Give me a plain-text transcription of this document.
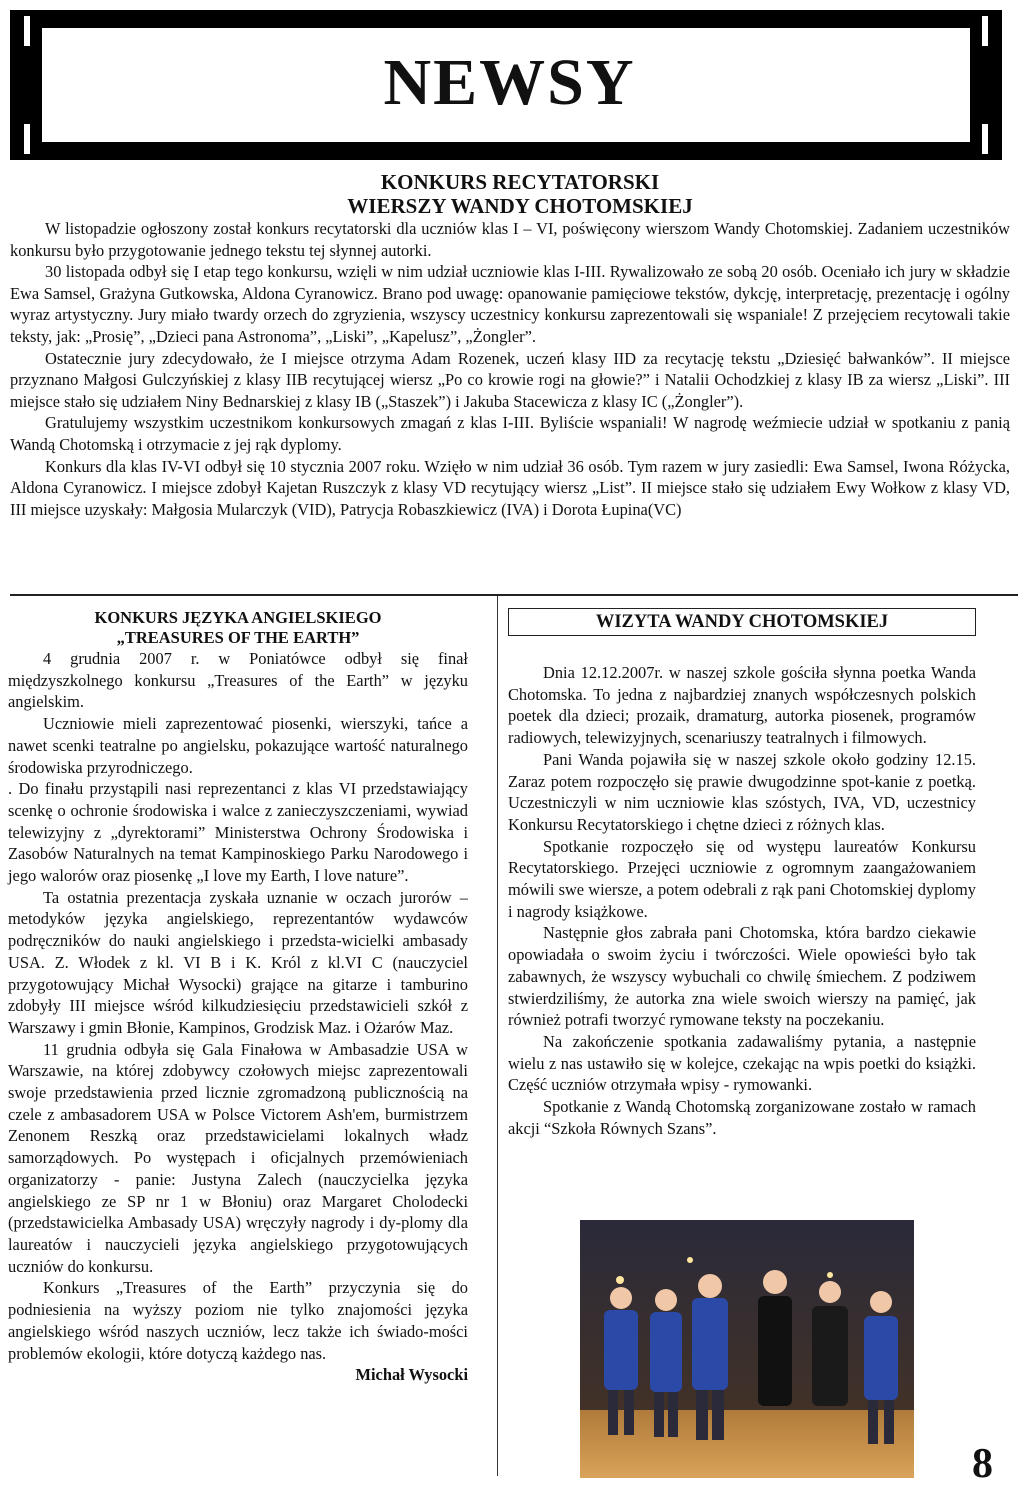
NEWSY
KONKURS RECYTATORSKI
WIERSZY WANDY CHOTOMSKIEJ

W listopadzie ogłoszony został konkurs recytatorski dla uczniów klas I – VI, poświęcony wierszom Wandy Chotomskiej. Zadaniem uczestników konkursu było przygotowanie jednego tekstu tej słynnej autorki.

30 listopada odbył się I etap tego konkursu, wzięli w nim udział uczniowie klas I-III. Rywalizowało ze sobą 20 osób. Oceniało ich jury w składzie Ewa Samsel, Grażyna Gutkowska, Aldona Cyranowicz. Brano pod uwagę: opanowanie pamięciowe tekstów, dykcję, interpretację, prezentację i ogólny wyraz artystyczny. Jury miało twardy orzech do zgryzienia, wszyscy uczestnicy konkursu zaprezentowali się wspaniale! Z przejęciem recytowali takie teksty, jak: „Prosię”, „Dzieci pana Astronoma”, „Liski”, „Kapelusz”, „Żongler”.

Ostatecznie jury zdecydowało, że I miejsce otrzyma Adam Rozenek, uczeń klasy IID za recytację tekstu „Dziesięć bałwanków”. II miejsce przyznano Małgosi Gulczyńskiej z klasy IIB recytującej wiersz „Po co krowie rogi na głowie?” i Natalii Ochodzkiej z klasy IB za wiersz „Liski”. III miejsce stało się udziałem Niny Bednarskiej z klasy IB („Staszek”) i Jakuba Stacewicza z klasy IC („Żongler”).

Gratulujemy wszystkim uczestnikom konkursowych zmagań z klas I-III. Byliście wspaniali! W nagrodę weźmiecie udział w spotkaniu z panią Wandą Chotomską i otrzymacie z jej rąk dyplomy.

Konkurs dla klas IV-VI odbył się 10 stycznia 2007 roku. Wzięło w nim udział 36 osób. Tym razem w jury zasiedli: Ewa Samsel, Iwona Różycka, Aldona Cyranowicz. I miejsce zdobył Kajetan Ruszczyk z klasy VD recytujący wiersz „List”. II miejsce stało się udziałem Ewy Wołkow z klasy VD, III miejsce uzyskały: Małgosia Mularczyk (VID), Patrycja Robaszkiewicz (IVA) i Dorota Łupina(VC)

KONKURS JĘZYKA ANGIELSKIEGO
„TREASURES OF THE EARTH”

4 grudnia 2007 r. w Poniatówce odbył się finał międzyszkolnego konkursu „Treasures of the Earth” w języku angielskim.

Uczniowie mieli zaprezentować piosenki, wierszyki, tańce a nawet scenki teatralne po angielsku, pokazujące wartość naturalnego środowiska przyrodniczego.

. Do finału przystąpili nasi reprezentanci z klas VI przedstawiający scenkę o ochronie środowiska i walce z zanieczyszczeniami, wywiad telewizyjny z „dyrektorami” Ministerstwa Ochrony Środowiska i Zasobów Naturalnych na temat Kampinoskiego Parku Narodowego i jego walorów oraz piosenkę „I love my Earth, I love nature”.

Ta ostatnia prezentacja zyskała uznanie w oczach jurorów – metodyków języka angielskiego, reprezentantów wydawców podręczników do nauki angielskiego i przedsta-wicielki ambasady USA. Z. Włodek z kl. VI B i K. Król z kl.VI C (nauczyciel przygotowujący Michał Wysocki) grające na gitarze i tamburino zdobyły III miejsce wśród kilkudziesięciu przedstawicieli szkół z Warszawy i gmin Błonie, Kampinos, Grodzisk Maz. i Ożarów Maz.

11 grudnia odbyła się Gala Finałowa w Ambasadzie USA w Warszawie, na której zdobywcy czołowych miejsc zaprezentowali swoje przedstawienia przed licznie zgromadzoną publicznością na czele z ambasadorem USA w Polsce Victorem Ash'em, burmistrzem Zenonem Reszką oraz przedstawicielami lokalnych władz samorządowych. Po występach i oficjalnych przemówieniach organizatorzy - panie: Justyna Zalech (nauczycielka języka angielskiego ze SP nr 1 w Błoniu) oraz Margaret Cholodecki (przedstawicielka Ambasady USA) wręczyły nagrody i dy-plomy dla laureatów i nauczycieli języka angielskiego przygotowujących uczniów do konkursu.

Konkurs „Treasures of the Earth” przyczynia się do podniesienia na wyższy poziom nie tylko znajomości języka angielskiego wśród naszych uczniów, lecz także ich świado-mości problemów ekologii, które dotyczą każdego nas.

Michał Wysocki
WIZYTA WANDY CHOTOMSKIEJ

Dnia 12.12.2007r. w naszej szkole gościła słynna poetka Wanda Chotomska. To jedna z najbardziej znanych współczesnych polskich poetek dla dzieci; prozaik, dramaturg, autorka piosenek, programów radiowych, telewizyjnych, scenariuszy teatralnych i filmowych.

Pani Wanda pojawiła się w naszej szkole około godziny 12.15. Zaraz potem rozpoczęło się prawie dwugodzinne spot-kanie z poetką. Uczestniczyli w nim uczniowie klas szóstych, IVA, VD, uczestnicy Konkursu Recytatorskiego i chętne dzieci z różnych klas.

Spotkanie rozpoczęło się od występu laureatów Konkursu Recytatorskiego. Przejęci uczniowie z ogromnym zaangażowaniem mówili swe wiersze, a potem odebrali z rąk pani Chotomskiej dyplomy i nagrody książkowe.

Następnie głos zabrała pani Chotomska, która bardzo ciekawie opowiadała o swoim życiu i twórczości. Wiele opowieści było tak zabawnych, że wszyscy wybuchali co chwilę śmiechem. Z podziwem stwierdziliśmy, że autorka zna wiele swoich wierszy na pamięć, jak również potrafi tworzyć rymowane teksty na poczekaniu.

Na zakończenie spotkania zadawaliśmy pytania, a następnie wielu z nas ustawiło się w kolejce, czekając na wpis poetki do książki. Część uczniów otrzymała wpisy - rymowanki.

Spotkanie z Wandą Chotomską zorganizowane zostało w ramach akcji “Szkoła Równych Szans”.

8
